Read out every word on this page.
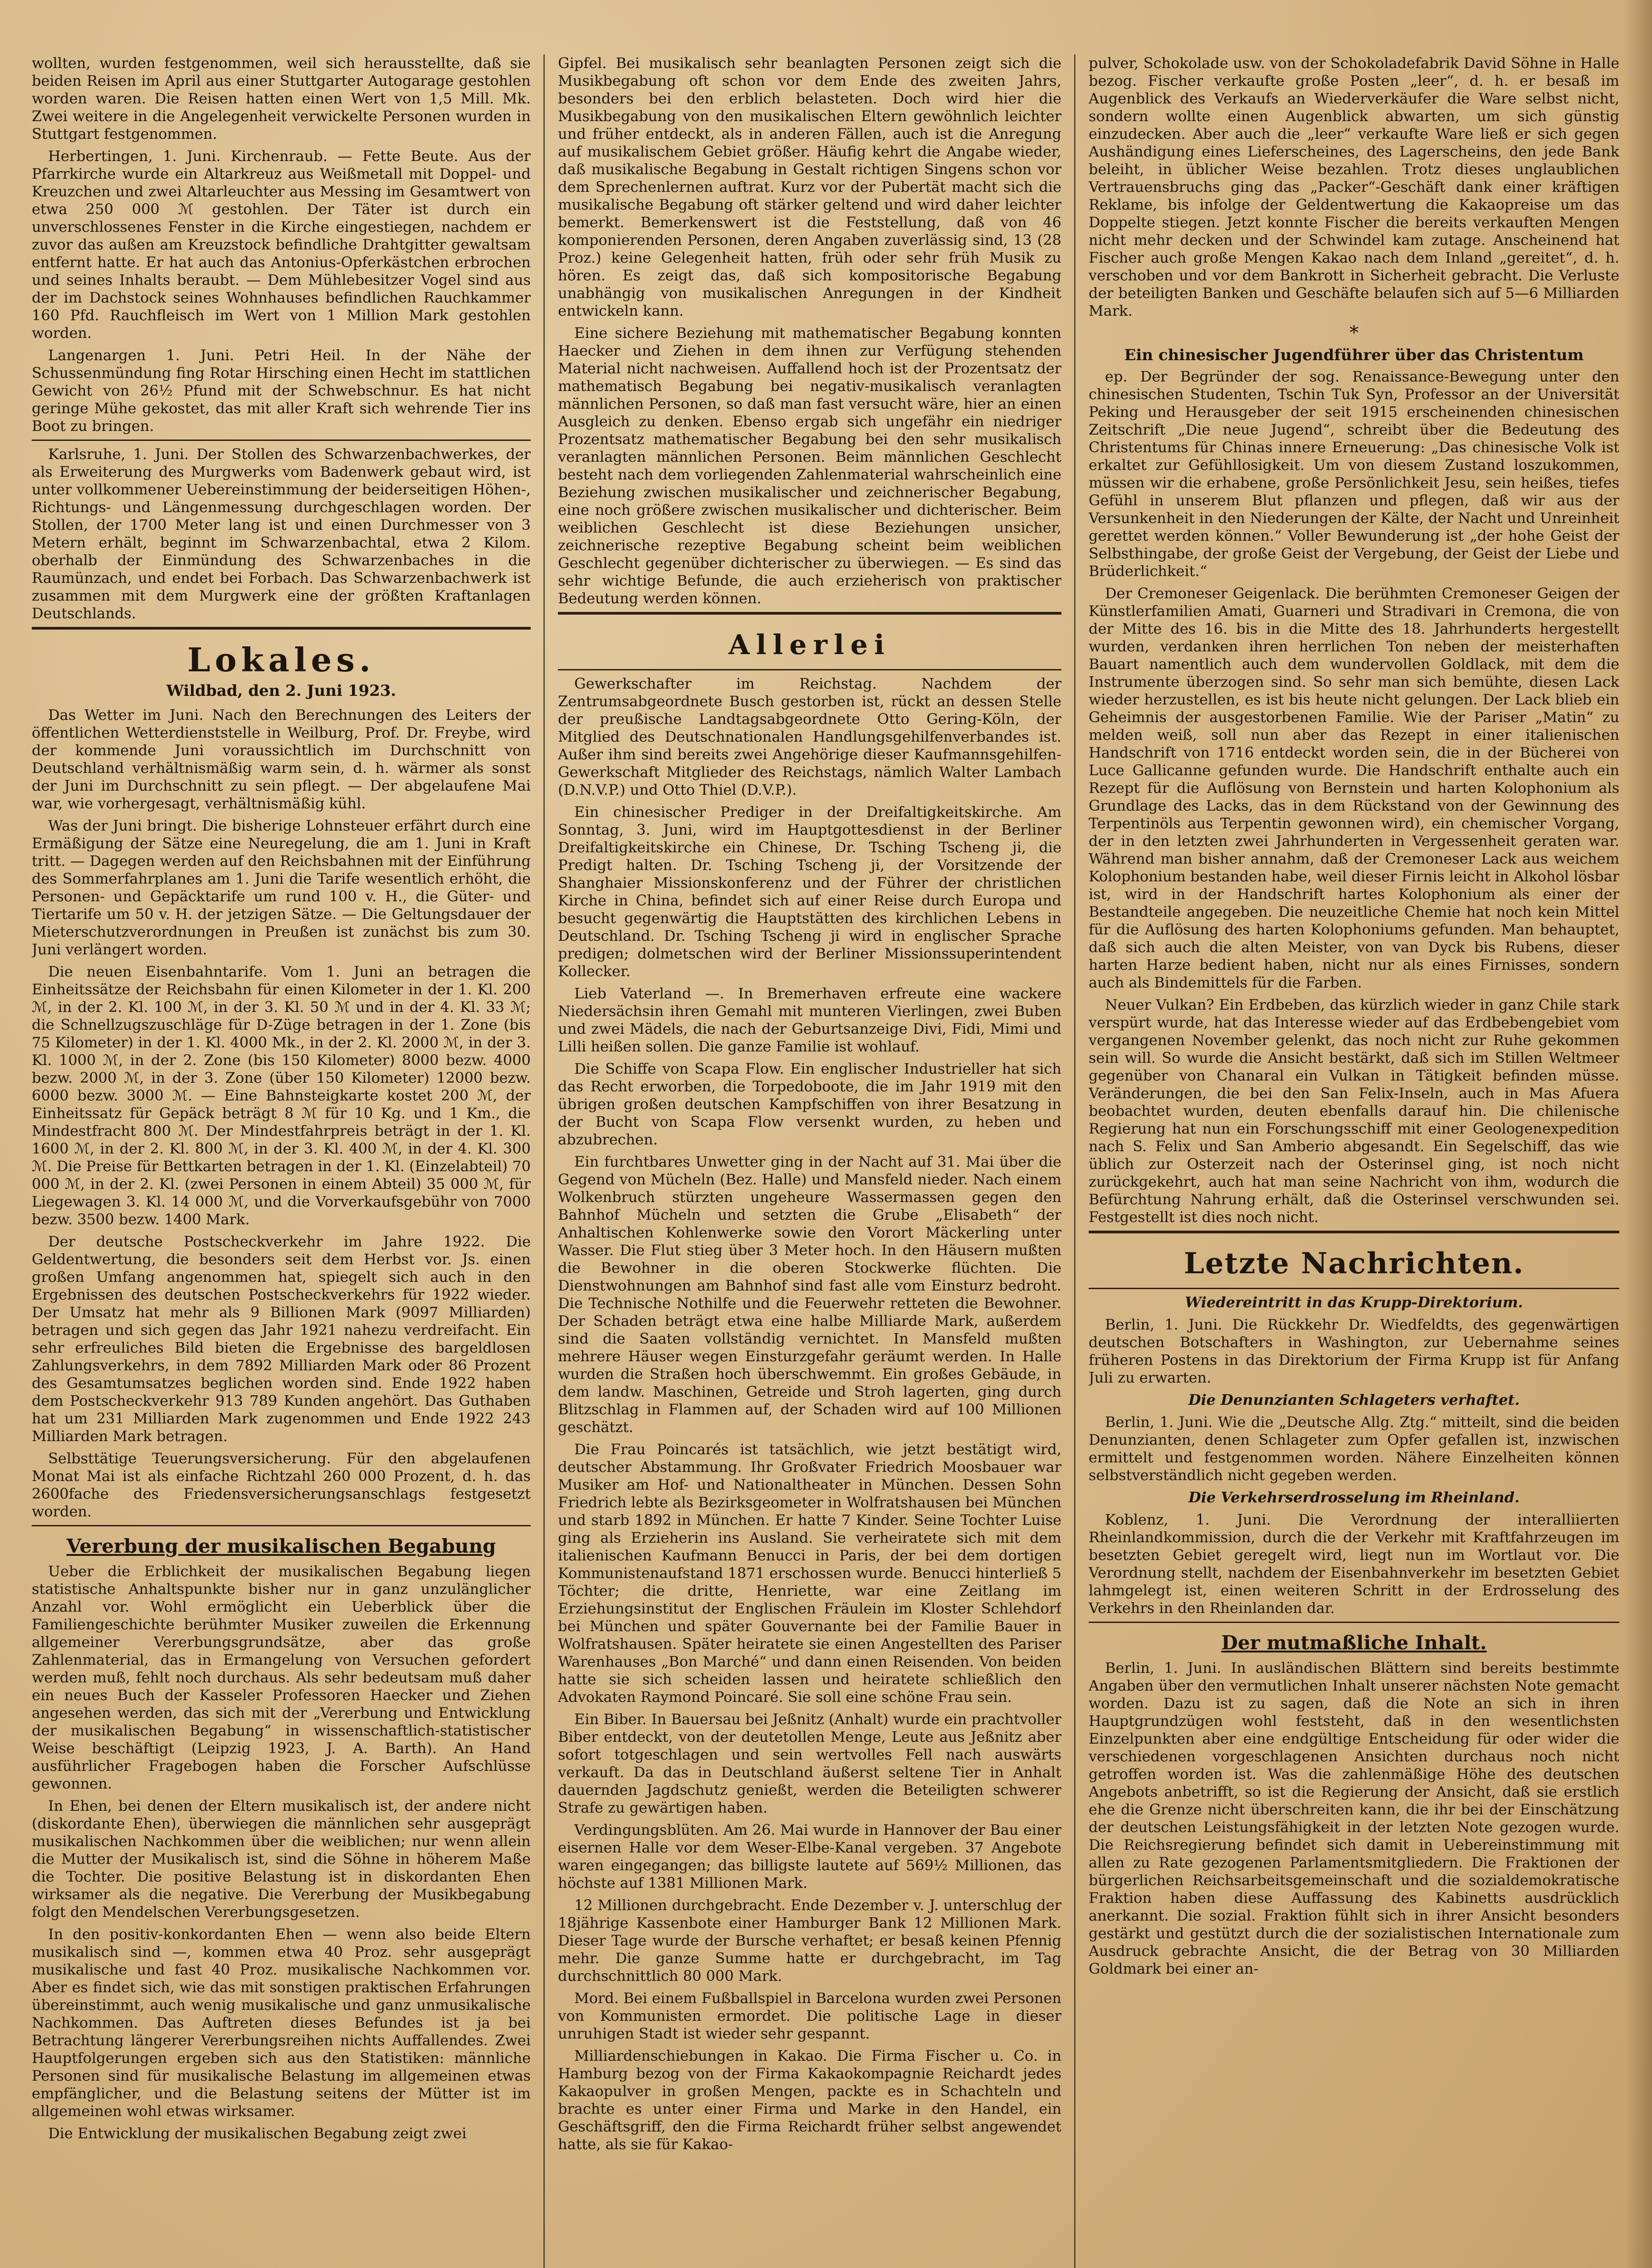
wollten, wurden festgenommen, weil sich herausstellte, daß sie beiden Reisen im April aus einer Stuttgarter Autogarage gestohlen worden waren. Die Reisen hatten einen Wert von 1,5 Mill. Mk. Zwei weitere in die Angelegenheit verwickelte Personen wurden in Stuttgart festgenommen.

Herbertingen, 1. Juni. Kirchenraub. — Fette Beute. Aus der Pfarrkirche wurde ein Altarkreuz aus Weißmetall mit Doppel- und Kreuzchen und zwei Altarleuchter aus Messing im Gesamtwert von etwa 250 000 ℳ gestohlen. Der Täter ist durch ein unverschlossenes Fenster in die Kirche eingestiegen, nachdem er zuvor das außen am Kreuzstock befindliche Drahtgitter gewaltsam entfernt hatte. Er hat auch das Antonius-Opferkästchen erbrochen und seines Inhalts beraubt. — Dem Mühlebesitzer Vogel sind aus der im Dachstock seines Wohnhauses befindlichen Rauchkammer 160 Pfd. Rauchfleisch im Wert von 1 Million Mark gestohlen worden.

Langenargen 1. Juni. Petri Heil. In der Nähe der Schussenmündung fing Rotar Hirsching einen Hecht im stattlichen Gewicht von 26½ Pfund mit der Schwebschnur. Es hat nicht geringe Mühe gekostet, das mit aller Kraft sich wehrende Tier ins Boot zu bringen.

Karlsruhe, 1. Juni. Der Stollen des Schwarzenbachwerkes, der als Erweiterung des Murgwerks vom Badenwerk gebaut wird, ist unter vollkommener Uebereinstimmung der beiderseitigen Höhen-, Richtungs- und Längenmessung durchgeschlagen worden. Der Stollen, der 1700 Meter lang ist und einen Durchmesser von 3 Metern erhält, beginnt im Schwarzenbachtal, etwa 2 Kilom. oberhalb der Einmündung des Schwarzenbaches in die Raumünzach, und endet bei Forbach. Das Schwarzenbachwerk ist zusammen mit dem Murgwerk eine der größten Kraftanlagen Deutschlands.

Lokales.
Wildbad, den 2. Juni 1923.

Das Wetter im Juni. Nach den Berechnungen des Leiters der öffentlichen Wetterdienststelle in Weilburg, Prof. Dr. Freybe, wird der kommende Juni voraussichtlich im Durchschnitt von Deutschland verhältnismäßig warm sein, d. h. wärmer als sonst der Juni im Durchschnitt zu sein pflegt. — Der abgelaufene Mai war, wie vorhergesagt, verhältnismäßig kühl.

Was der Juni bringt. Die bisherige Lohnsteuer erfährt durch eine Ermäßigung der Sätze eine Neuregelung, die am 1. Juni in Kraft tritt. — Dagegen werden auf den Reichsbahnen mit der Einführung des Sommerfahrplanes am 1. Juni die Tarife wesentlich erhöht, die Personen- und Gepäcktarife um rund 100 v. H., die Güter- und Tiertarife um 50 v. H. der jetzigen Sätze. — Die Geltungsdauer der Mieterschutzverordnungen in Preußen ist zunächst bis zum 30. Juni verlängert worden.

Die neuen Eisenbahntarife. Vom 1. Juni an betragen die Einheitssätze der Reichsbahn für einen Kilometer in der 1. Kl. 200 ℳ, in der 2. Kl. 100 ℳ, in der 3. Kl. 50 ℳ und in der 4. Kl. 33 ℳ; die Schnellzugszuschläge für D-Züge betragen in der 1. Zone (bis 75 Kilometer) in der 1. Kl. 4000 Mk., in der 2. Kl. 2000 ℳ, in der 3. Kl. 1000 ℳ, in der 2. Zone (bis 150 Kilometer) 8000 bezw. 4000 bezw. 2000 ℳ, in der 3. Zone (über 150 Kilometer) 12000 bezw. 6000 bezw. 3000 ℳ. — Eine Bahnsteigkarte kostet 200 ℳ, der Einheitssatz für Gepäck beträgt 8 ℳ für 10 Kg. und 1 Km., die Mindestfracht 800 ℳ. Der Mindestfahrpreis beträgt in der 1. Kl. 1600 ℳ, in der 2. Kl. 800 ℳ, in der 3. Kl. 400 ℳ, in der 4. Kl. 300 ℳ. Die Preise für Bettkarten betragen in der 1. Kl. (Einzelabteil) 70 000 ℳ, in der 2. Kl. (zwei Personen in einem Abteil) 35 000 ℳ, für Liegewagen 3. Kl. 14 000 ℳ, und die Vorverkaufsgebühr von 7000 bezw. 3500 bezw. 1400 Mark.

Der deutsche Postscheckverkehr im Jahre 1922. Die Geldentwertung, die besonders seit dem Herbst vor. Js. einen großen Umfang angenommen hat, spiegelt sich auch in den Ergebnissen des deutschen Postscheckverkehrs für 1922 wieder. Der Umsatz hat mehr als 9 Billionen Mark (9097 Milliarden) betragen und sich gegen das Jahr 1921 nahezu verdreifacht. Ein sehr erfreuliches Bild bieten die Ergebnisse des bargeldlosen Zahlungsverkehrs, in dem 7892 Milliarden Mark oder 86 Prozent des Gesamtumsatzes beglichen worden sind. Ende 1922 haben dem Postscheckverkehr 913 789 Kunden angehört. Das Guthaben hat um 231 Milliarden Mark zugenommen und Ende 1922 243 Milliarden Mark betragen.

Selbsttätige Teuerungsversicherung. Für den abgelaufenen Monat Mai ist als einfache Richtzahl 260 000 Prozent, d. h. das 2600fache des Friedensversicherungsanschlags festgesetzt worden.

Vererbung der musikalischen Begabung

Ueber die Erblichkeit der musikalischen Begabung liegen statistische Anhaltspunkte bisher nur in ganz unzulänglicher Anzahl vor. Wohl ermöglicht ein Ueberblick über die Familiengeschichte berühmter Musiker zuweilen die Erkennung allgemeiner Vererbungsgrundsätze, aber das große Zahlenmaterial, das in Ermangelung von Versuchen gefordert werden muß, fehlt noch durchaus. Als sehr bedeutsam muß daher ein neues Buch der Kasseler Professoren Haecker und Ziehen angesehen werden, das sich mit der „Vererbung und Entwicklung der musikalischen Begabung“ in wissenschaftlich-statistischer Weise beschäftigt (Leipzig 1923, J. A. Barth). An Hand ausführlicher Fragebogen haben die Forscher Aufschlüsse gewonnen.

In Ehen, bei denen der Eltern musikalisch ist, der andere nicht (diskordante Ehen), überwiegen die männlichen sehr ausgeprägt musikalischen Nachkommen über die weiblichen; nur wenn allein die Mutter der Musikalisch ist, sind die Söhne in höherem Maße die Tochter. Die positive Belastung ist in diskordanten Ehen wirksamer als die negative. Die Vererbung der Musikbegabung folgt den Mendelschen Vererbungsgesetzen.

In den positiv-konkordanten Ehen — wenn also beide Eltern musikalisch sind —, kommen etwa 40 Proz. sehr ausgeprägt musikalische und fast 40 Proz. musikalische Nachkommen vor. Aber es findet sich, wie das mit sonstigen praktischen Erfahrungen übereinstimmt, auch wenig musikalische und ganz unmusikalische Nachkommen. Das Auftreten dieses Befundes ist ja bei Betrachtung längerer Vererbungsreihen nichts Auffallendes. Zwei Hauptfolgerungen ergeben sich aus den Statistiken: männliche Personen sind für musikalische Belastung im allgemeinen etwas empfänglicher, und die Belastung seitens der Mütter ist im allgemeinen wohl etwas wirksamer.

Die Entwicklung der musikalischen Begabung zeigt zwei

Gipfel. Bei musikalisch sehr beanlagten Personen zeigt sich die Musikbegabung oft schon vor dem Ende des zweiten Jahrs, besonders bei den erblich belasteten. Doch wird hier die Musikbegabung von den musikalischen Eltern gewöhnlich leichter und früher entdeckt, als in anderen Fällen, auch ist die Anregung auf musikalischem Gebiet größer. Häufig kehrt die Angabe wieder, daß musikalische Begabung in Gestalt richtigen Singens schon vor dem Sprechenlernen auftrat. Kurz vor der Pubertät macht sich die musikalische Begabung oft stärker geltend und wird daher leichter bemerkt. Bemerkenswert ist die Feststellung, daß von 46 komponierenden Personen, deren Angaben zuverlässig sind, 13 (28 Proz.) keine Gelegenheit hatten, früh oder sehr früh Musik zu hören. Es zeigt das, daß sich kompositorische Begabung unabhängig von musikalischen Anregungen in der Kindheit entwickeln kann.

Eine sichere Beziehung mit mathematischer Begabung konnten Haecker und Ziehen in dem ihnen zur Verfügung stehenden Material nicht nachweisen. Auffallend hoch ist der Prozentsatz der mathematisch Begabung bei negativ-musikalisch veranlagten männlichen Personen, so daß man fast versucht wäre, hier an einen Ausgleich zu denken. Ebenso ergab sich ungefähr ein niedriger Prozentsatz mathematischer Begabung bei den sehr musikalisch veranlagten männlichen Personen. Beim männlichen Geschlecht besteht nach dem vorliegenden Zahlenmaterial wahrscheinlich eine Beziehung zwischen musikalischer und zeichnerischer Begabung, eine noch größere zwischen musikalischer und dichterischer. Beim weiblichen Geschlecht ist diese Beziehungen unsicher, zeichnerische rezeptive Begabung scheint beim weiblichen Geschlecht gegenüber dichterischer zu überwiegen. — Es sind das sehr wichtige Befunde, die auch erzieherisch von praktischer Bedeutung werden können.

Allerlei

Gewerkschafter im Reichstag. Nachdem der Zentrumsabgeordnete Busch gestorben ist, rückt an dessen Stelle der preußische Landtagsabgeordnete Otto Gering-Köln, der Mitglied des Deutschnationalen Handlungsgehilfenverbandes ist. Außer ihm sind bereits zwei Angehörige dieser Kaufmannsgehilfen-Gewerkschaft Mitglieder des Reichstags, nämlich Walter Lambach (D.N.V.P.) und Otto Thiel (D.V.P.).

Ein chinesischer Prediger in der Dreifaltigkeitskirche. Am Sonntag, 3. Juni, wird im Hauptgottesdienst in der Berliner Dreifaltigkeitskirche ein Chinese, Dr. Tsching Tscheng ji, die Predigt halten. Dr. Tsching Tscheng ji, der Vorsitzende der Shanghaier Missionskonferenz und der Führer der christlichen Kirche in China, befindet sich auf einer Reise durch Europa und besucht gegenwärtig die Hauptstätten des kirchlichen Lebens in Deutschland. Dr. Tsching Tscheng ji wird in englischer Sprache predigen; dolmetschen wird der Berliner Missionssuperintendent Kollecker.

Lieb Vaterland —. In Bremerhaven erfreute eine wackere Niedersächsin ihren Gemahl mit munteren Vierlingen, zwei Buben und zwei Mädels, die nach der Geburtsanzeige Divi, Fidi, Mimi und Lilli heißen sollen. Die ganze Familie ist wohlauf.

Die Schiffe von Scapa Flow. Ein englischer Industrieller hat sich das Recht erworben, die Torpedoboote, die im Jahr 1919 mit den übrigen großen deutschen Kampfschiffen von ihrer Besatzung in der Bucht von Scapa Flow versenkt wurden, zu heben und abzubrechen.

Ein furchtbares Unwetter ging in der Nacht auf 31. Mai über die Gegend von Mücheln (Bez. Halle) und Mansfeld nieder. Nach einem Wolkenbruch stürzten ungeheure Wassermassen gegen den Bahnhof Mücheln und setzten die Grube „Elisabeth“ der Anhaltischen Kohlenwerke sowie den Vorort Mäckerling unter Wasser. Die Flut stieg über 3 Meter hoch. In den Häusern mußten die Bewohner in die oberen Stockwerke flüchten. Die Dienstwohnungen am Bahnhof sind fast alle vom Einsturz bedroht. Die Technische Nothilfe und die Feuerwehr retteten die Bewohner. Der Schaden beträgt etwa eine halbe Milliarde Mark, außerdem sind die Saaten vollständig vernichtet. In Mansfeld mußten mehrere Häuser wegen Einsturzgefahr geräumt werden. In Halle wurden die Straßen hoch überschwemmt. Ein großes Gebäude, in dem landw. Maschinen, Getreide und Stroh lagerten, ging durch Blitzschlag in Flammen auf, der Schaden wird auf 100 Millionen geschätzt.

Die Frau Poincarés ist tatsächlich, wie jetzt bestätigt wird, deutscher Abstammung. Ihr Großvater Friedrich Moosbauer war Musiker am Hof- und Nationaltheater in München. Dessen Sohn Friedrich lebte als Bezirksgeometer in Wolfratshausen bei München und starb 1892 in München. Er hatte 7 Kinder. Seine Tochter Luise ging als Erzieherin ins Ausland. Sie verheiratete sich mit dem italienischen Kaufmann Benucci in Paris, der bei dem dortigen Kommunistenaufstand 1871 erschossen wurde. Benucci hinterließ 5 Töchter; die dritte, Henriette, war eine Zeitlang im Erziehungsinstitut der Englischen Fräulein im Kloster Schlehdorf bei München und später Gouvernante bei der Familie Bauer in Wolfratshausen. Später heiratete sie einen Angestellten des Pariser Warenhauses „Bon Marché“ und dann einen Reisenden. Von beiden hatte sie sich scheiden lassen und heiratete schließlich den Advokaten Raymond Poincaré. Sie soll eine schöne Frau sein.

Ein Biber. In Bauersau bei Jeßnitz (Anhalt) wurde ein prachtvoller Biber entdeckt, von der deutetollen Menge, Leute aus Jeßnitz aber sofort totgeschlagen und sein wertvolles Fell nach auswärts verkauft. Da das in Deutschland äußerst seltene Tier in Anhalt dauernden Jagdschutz genießt, werden die Beteiligten schwerer Strafe zu gewärtigen haben.

Verdingungsblüten. Am 26. Mai wurde in Hannover der Bau einer eisernen Halle vor dem Weser-Elbe-Kanal vergeben. 37 Angebote waren eingegangen; das billigste lautete auf 569½ Millionen, das höchste auf 1381 Millionen Mark.

12 Millionen durchgebracht. Ende Dezember v. J. unterschlug der 18jährige Kassenbote einer Hamburger Bank 12 Millionen Mark. Dieser Tage wurde der Bursche verhaftet; er besaß keinen Pfennig mehr. Die ganze Summe hatte er durchgebracht, im Tag durchschnittlich 80 000 Mark.

Mord. Bei einem Fußballspiel in Barcelona wurden zwei Personen von Kommunisten ermordet. Die politische Lage in dieser unruhigen Stadt ist wieder sehr gespannt.

Milliardenschiebungen in Kakao. Die Firma Fischer u. Co. in Hamburg bezog von der Firma Kakaokompagnie Reichardt jedes Kakaopulver in großen Mengen, packte es in Schachteln und brachte es unter einer Firma und Marke in den Handel, ein Geschäftsgriff, den die Firma Reichardt früher selbst angewendet hatte, als sie für Kakao-

pulver, Schokolade usw. von der Schokoladefabrik David Söhne in Halle bezog. Fischer verkaufte große Posten „leer“, d. h. er besaß im Augenblick des Verkaufs an Wiederverkäufer die Ware selbst nicht, sondern wollte einen Augenblick abwarten, um sich günstig einzudecken. Aber auch die „leer“ verkaufte Ware ließ er sich gegen Aushändigung eines Lieferscheines, des Lagerscheins, den jede Bank beleiht, in üblicher Weise bezahlen. Trotz dieses unglaublichen Vertrauensbruchs ging das „Packer“-Geschäft dank einer kräftigen Reklame, bis infolge der Geldentwertung die Kakaopreise um das Doppelte stiegen. Jetzt konnte Fischer die bereits verkauften Mengen nicht mehr decken und der Schwindel kam zutage. Anscheinend hat Fischer auch große Mengen Kakao nach dem Inland „gereitet“, d. h. verschoben und vor dem Bankrott in Sicherheit gebracht. Die Verluste der beteiligten Banken und Geschäfte belaufen sich auf 5—6 Milliarden Mark.

*
Ein chinesischer Jugendführer über das Christentum

ep. Der Begründer der sog. Renaissance-Bewegung unter den chinesischen Studenten, Tschin Tuk Syn, Professor an der Universität Peking und Herausgeber der seit 1915 erscheinenden chinesischen Zeitschrift „Die neue Jugend“, schreibt über die Bedeutung des Christentums für Chinas innere Erneuerung: „Das chinesische Volk ist erkaltet zur Gefühllosigkeit. Um von diesem Zustand loszukommen, müssen wir die erhabene, große Persönlichkeit Jesu, sein heißes, tiefes Gefühl in unserem Blut pflanzen und pflegen, daß wir aus der Versunkenheit in den Niederungen der Kälte, der Nacht und Unreinheit gerettet werden können.“ Voller Bewunderung ist „der hohe Geist der Selbsthingabe, der große Geist der Vergebung, der Geist der Liebe und Brüderlichkeit.“

Der Cremoneser Geigenlack. Die berühmten Cremoneser Geigen der Künstlerfamilien Amati, Guarneri und Stradivari in Cremona, die von der Mitte des 16. bis in die Mitte des 18. Jahrhunderts hergestellt wurden, verdanken ihren herrlichen Ton neben der meisterhaften Bauart namentlich auch dem wundervollen Goldlack, mit dem die Instrumente überzogen sind. So sehr man sich bemühte, diesen Lack wieder herzustellen, es ist bis heute nicht gelungen. Der Lack blieb ein Geheimnis der ausgestorbenen Familie. Wie der Pariser „Matin“ zu melden weiß, soll nun aber das Rezept in einer italienischen Handschrift von 1716 entdeckt worden sein, die in der Bücherei von Luce Gallicanne gefunden wurde. Die Handschrift enthalte auch ein Rezept für die Auflösung von Bernstein und harten Kolophonium als Grundlage des Lacks, das in dem Rückstand von der Gewinnung des Terpentinöls aus Terpentin gewonnen wird), ein chemischer Vorgang, der in den letzten zwei Jahrhunderten in Vergessenheit geraten war. Während man bisher annahm, daß der Cremoneser Lack aus weichem Kolophonium bestanden habe, weil dieser Firnis leicht in Alkohol lösbar ist, wird in der Handschrift hartes Kolophonium als einer der Bestandteile angegeben. Die neuzeitliche Chemie hat noch kein Mittel für die Auflösung des harten Kolophoniums gefunden. Man behauptet, daß sich auch die alten Meister, von van Dyck bis Rubens, dieser harten Harze bedient haben, nicht nur als eines Firnisses, sondern auch als Bindemittels für die Farben.

Neuer Vulkan? Ein Erdbeben, das kürzlich wieder in ganz Chile stark verspürt wurde, hat das Interesse wieder auf das Erdbebengebiet vom vergangenen November gelenkt, das noch nicht zur Ruhe gekommen sein will. So wurde die Ansicht bestärkt, daß sich im Stillen Weltmeer gegenüber von Chanaral ein Vulkan in Tätigkeit befinden müsse. Veränderungen, die bei den San Felix-Inseln, auch in Mas Afuera beobachtet wurden, deuten ebenfalls darauf hin. Die chilenische Regierung hat nun ein Forschungsschiff mit einer Geologenexpedition nach S. Felix und San Amberio abgesandt. Ein Segelschiff, das wie üblich zur Osterzeit nach der Osterinsel ging, ist noch nicht zurückgekehrt, auch hat man seine Nachricht von ihm, wodurch die Befürchtung Nahrung erhält, daß die Osterinsel verschwunden sei. Festgestellt ist dies noch nicht.

Letzte Nachrichten.
Wiedereintritt in das Krupp-Direktorium.

Berlin, 1. Juni. Die Rückkehr Dr. Wiedfeldts, des gegenwärtigen deutschen Botschafters in Washington, zur Uebernahme seines früheren Postens in das Direktorium der Firma Krupp ist für Anfang Juli zu erwarten.

Die Denunzianten Schlageters verhaftet.

Berlin, 1. Juni. Wie die „Deutsche Allg. Ztg.“ mitteilt, sind die beiden Denunzianten, denen Schlageter zum Opfer gefallen ist, inzwischen ermittelt und festgenommen worden. Nähere Einzelheiten können selbstverständlich nicht gegeben werden.

Die Verkehrserdrosselung im Rheinland.

Koblenz, 1. Juni. Die Verordnung der interalliierten Rheinlandkommission, durch die der Verkehr mit Kraftfahrzeugen im besetzten Gebiet geregelt wird, liegt nun im Wortlaut vor. Die Verordnung stellt, nachdem der Eisenbahnverkehr im besetzten Gebiet lahmgelegt ist, einen weiteren Schritt in der Erdrosselung des Verkehrs in den Rheinlanden dar.

Der mutmaßliche Inhalt.

Berlin, 1. Juni. In ausländischen Blättern sind bereits bestimmte Angaben über den vermutlichen Inhalt unserer nächsten Note gemacht worden. Dazu ist zu sagen, daß die Note an sich in ihren Hauptgrundzügen wohl feststeht, daß in den wesentlichsten Einzelpunkten aber eine endgültige Entscheidung für oder wider die verschiedenen vorgeschlagenen Ansichten durchaus noch nicht getroffen worden ist. Was die zahlenmäßige Höhe des deutschen Angebots anbetrifft, so ist die Regierung der Ansicht, daß sie erstlich ehe die Grenze nicht überschreiten kann, die ihr bei der Einschätzung der deutschen Leistungsfähigkeit in der letzten Note gezogen wurde. Die Reichsregierung befindet sich damit in Uebereinstimmung mit allen zu Rate gezogenen Parlamentsmitgliedern. Die Fraktionen der bürgerlichen Reichsarbeitsgemeinschaft und die sozialdemokratische Fraktion haben diese Auffassung des Kabinetts ausdrücklich anerkannt. Die sozial. Fraktion fühlt sich in ihrer Ansicht besonders gestärkt und gestützt durch die der sozialistischen Internationale zum Ausdruck gebrachte Ansicht, die der Betrag von 30 Milliarden Goldmark bei einer an-
